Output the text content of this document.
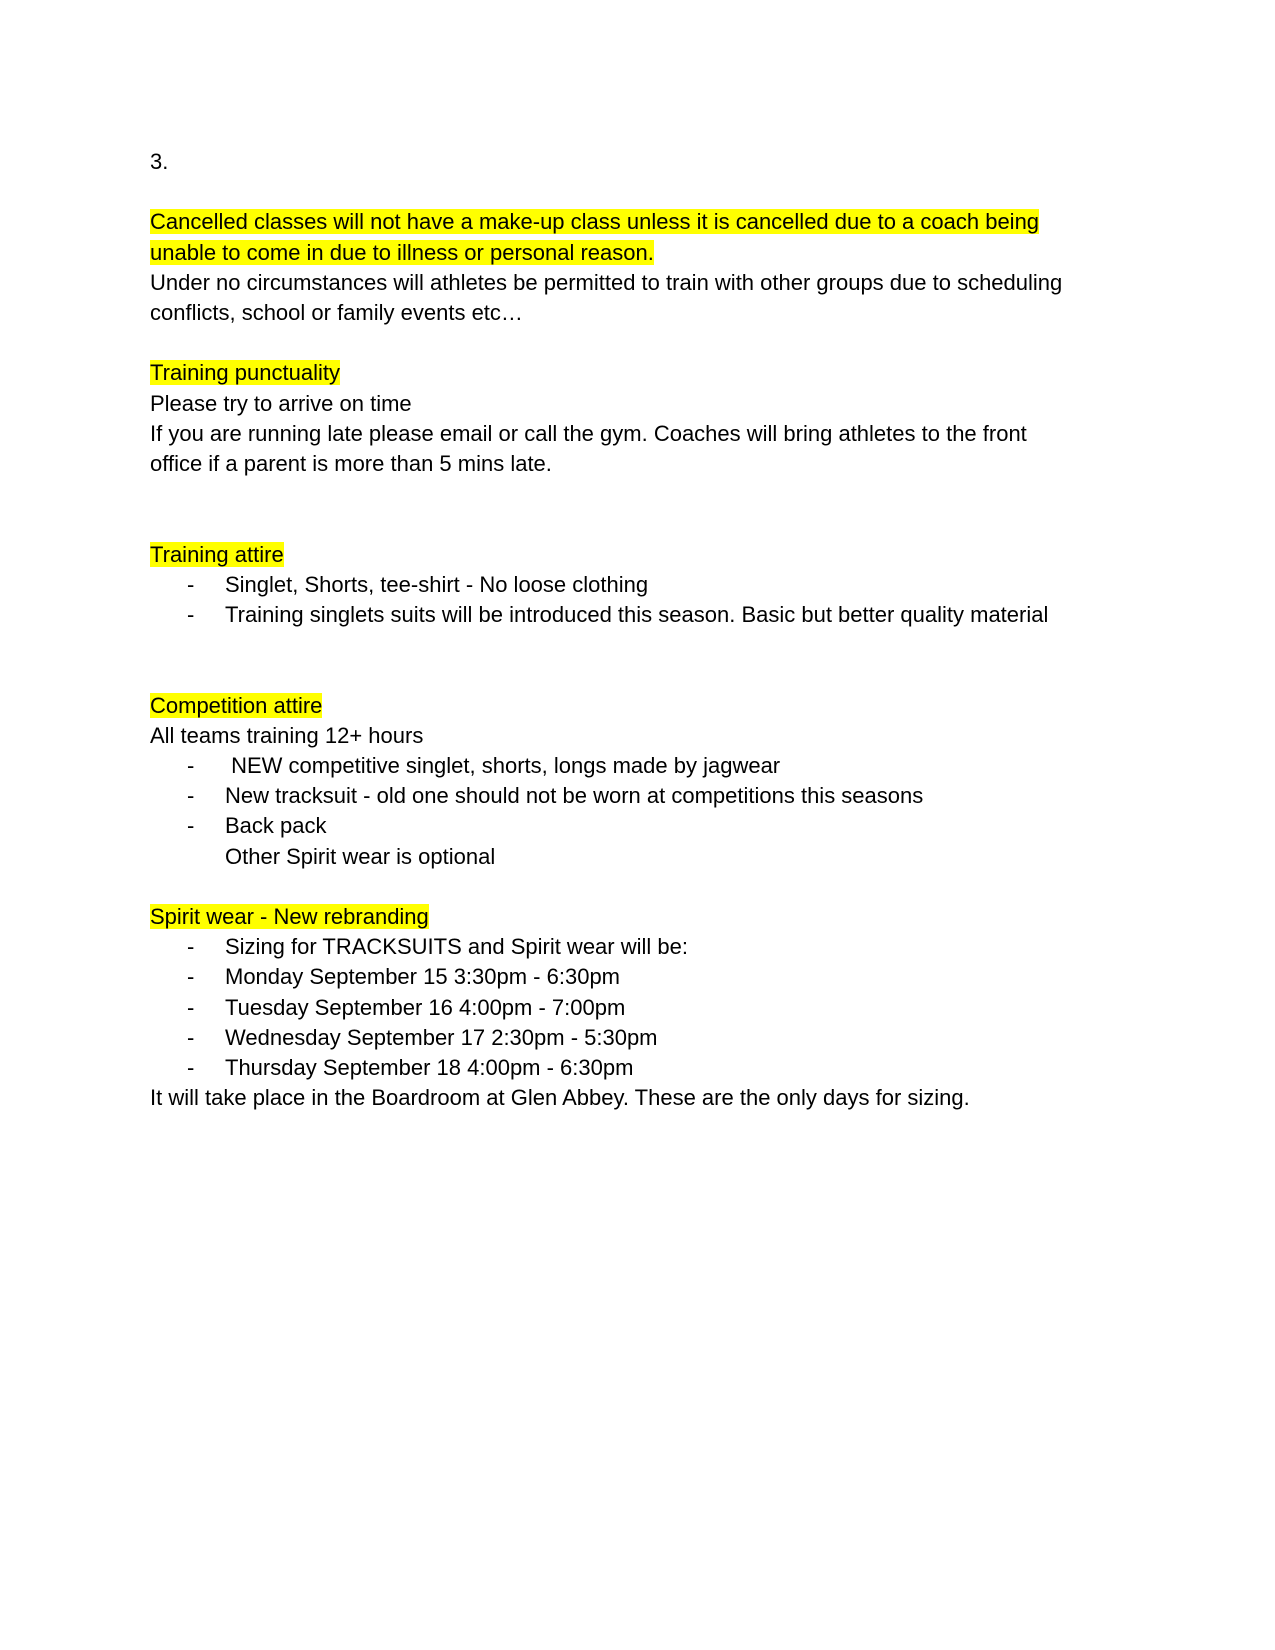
3.
Cancelled classes will not have a make-up class unless it is cancelled due to a coach being
unable to come in due to illness or personal reason.
Under no circumstances will athletes be permitted to train with other groups due to scheduling
conflicts, school or family events etc…
Training punctuality
Please try to arrive on time
If you are running late please email or call the gym. Coaches will bring athletes to the front
office if a parent is more than 5 mins late.
Training attire
- Singlet, Shorts, tee-shirt - No loose clothing
- Training singlets suits will be introduced this season. Basic but better quality material
Competition attire
All teams training 12+ hours
- NEW competitive singlet, shorts, longs made by jagwear
- New tracksuit - old one should not be worn at competitions this seasons
- Back pack
Other Spirit wear is optional
Spirit wear - New rebranding
- Sizing for TRACKSUITS and Spirit wear will be:
- Monday September 15 3:30pm - 6:30pm
- Tuesday September 16 4:00pm - 7:00pm
- Wednesday September 17 2:30pm - 5:30pm
- Thursday September 18 4:00pm - 6:30pm
It will take place in the Boardroom at Glen Abbey. These are the only days for sizing.
